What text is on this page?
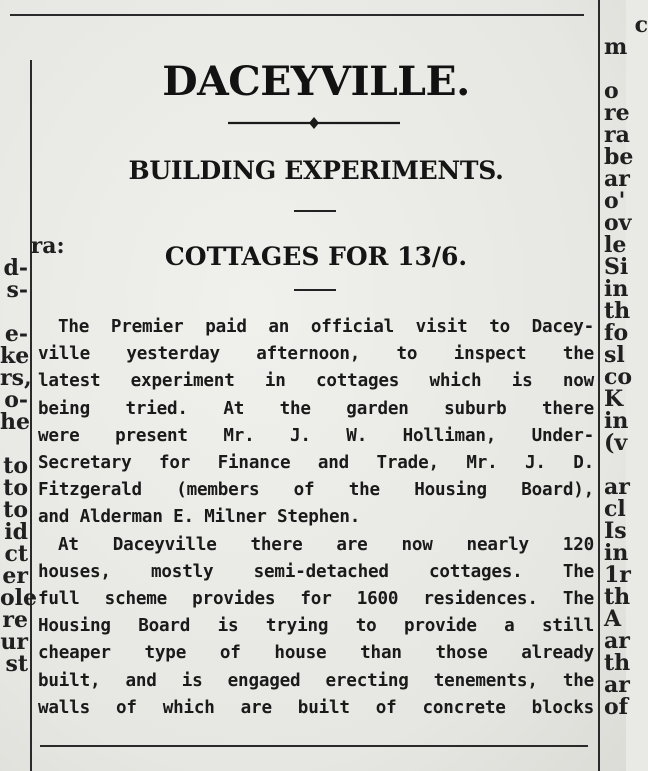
ra:
d-
s-

e-
ke
rs,
o-
he

to
to
to
id
ct
er
ole
re
ur
st

c
m

o
re
ra
be
ar
o'
ov
le
Si
in
th
fo
sl
co
K
in
(v

ar
cl
Is
in
1r
th
A
ar
th
ar
of

DACEYVILLE.
BUILDING EXPERIMENTS.
COTTAGES FOR 13/6.
The Premier paid an official visit to Dacey-
ville yesterday afternoon, to inspect the
latest experiment in cottages which is now
being tried. At the garden suburb there
were present Mr. J. W. Holliman, Under-
Secretary for Finance and Trade, Mr. J. D.
Fitzgerald (members of the Housing Board),
and Alderman E. Milner Stephen.
At Daceyville there are now nearly 120
houses, mostly semi-detached cottages. The
full scheme provides for 1600 residences. The
Housing Board is trying to provide a still
cheaper type of house than those already
built, and is engaged erecting tenements, the
walls of which are built of concrete blocks
